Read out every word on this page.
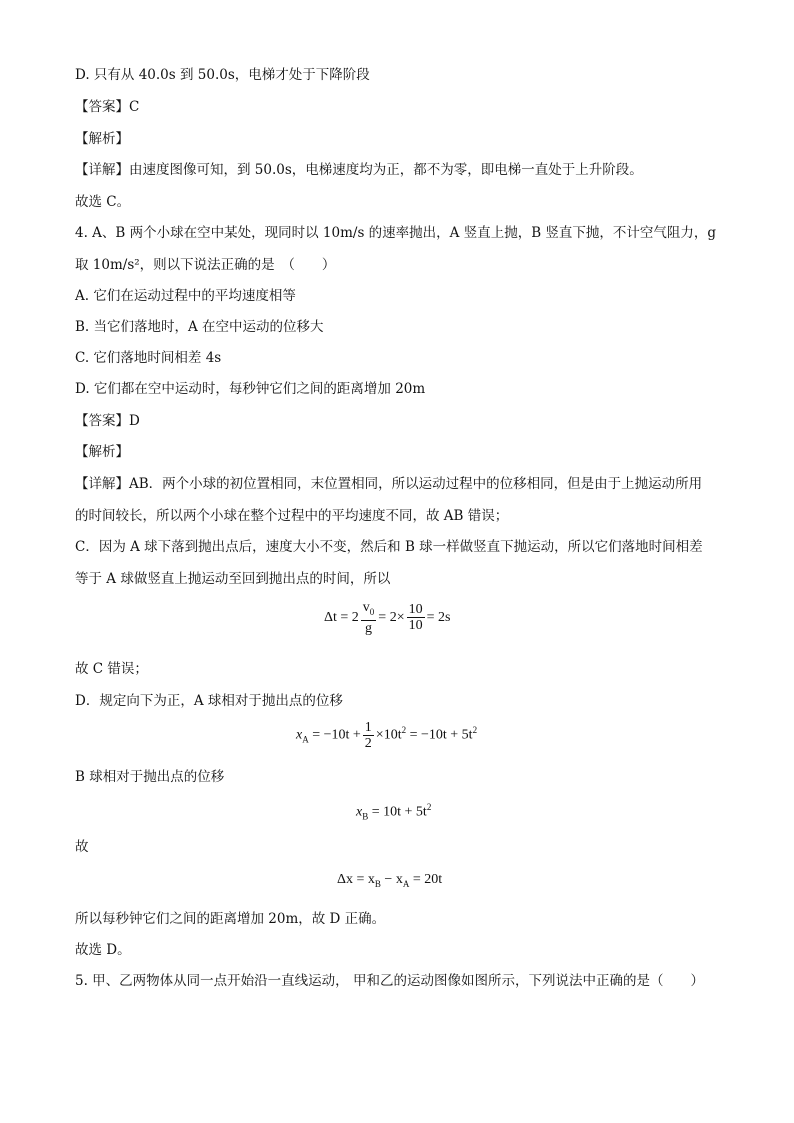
D. 只有从 40.0s 到 50.0s，电梯才处于下降阶段
【答案】C
【解析】
【详解】由速度图像可知，到 50.0s，电梯速度均为正，都不为零，即电梯一直处于上升阶段。
故选 C。
4. A、B 两个小球在空中某处，现同时以 10m/s 的速率抛出，A 竖直上抛，B 竖直下抛，不计空气阻力，g
取 10m/s²，则以下说法正确的是　（　　）
A. 它们在运动过程中的平均速度相等
B. 当它们落地时，A 在空中运动的位移大
C. 它们落地时间相差 4s
D. 它们都在空中运动时，每秒钟它们之间的距离增加 20m
【答案】D
【解析】
【详解】AB．两个小球的初位置相同，末位置相同，所以运动过程中的位移相同，但是由于上抛运动所用
的时间较长，所以两个小球在整个过程中的平均速度不同，故 AB 错误；
C．因为 A 球下落到抛出点后，速度大小不变，然后和 B 球一样做竖直下抛运动，所以它们落地时间相差
等于 A 球做竖直上抛运动至回到抛出点的时间，所以
$\Delta t = 2 \frac{v_0}{g} = 2\times \frac{10}{10} = 2s$
故 C 错误；
D．规定向下为正，A 球相对于抛出点的位移
$x_A = -10t + \frac{1}{2} \times 10t^2 = -10t + 5t^2$
B 球相对于抛出点的位移
$x_B = 10t + 5t^2$
故
$\Delta x = x_B - x_A = 20t$
所以每秒钟它们之间的距离增加 20m，故 D 正确。
故选 D。
5. 甲、乙两物体从同一点开始沿一直线运动， 甲和乙的运动图像如图所示，下列说法中正确的是（　　）
